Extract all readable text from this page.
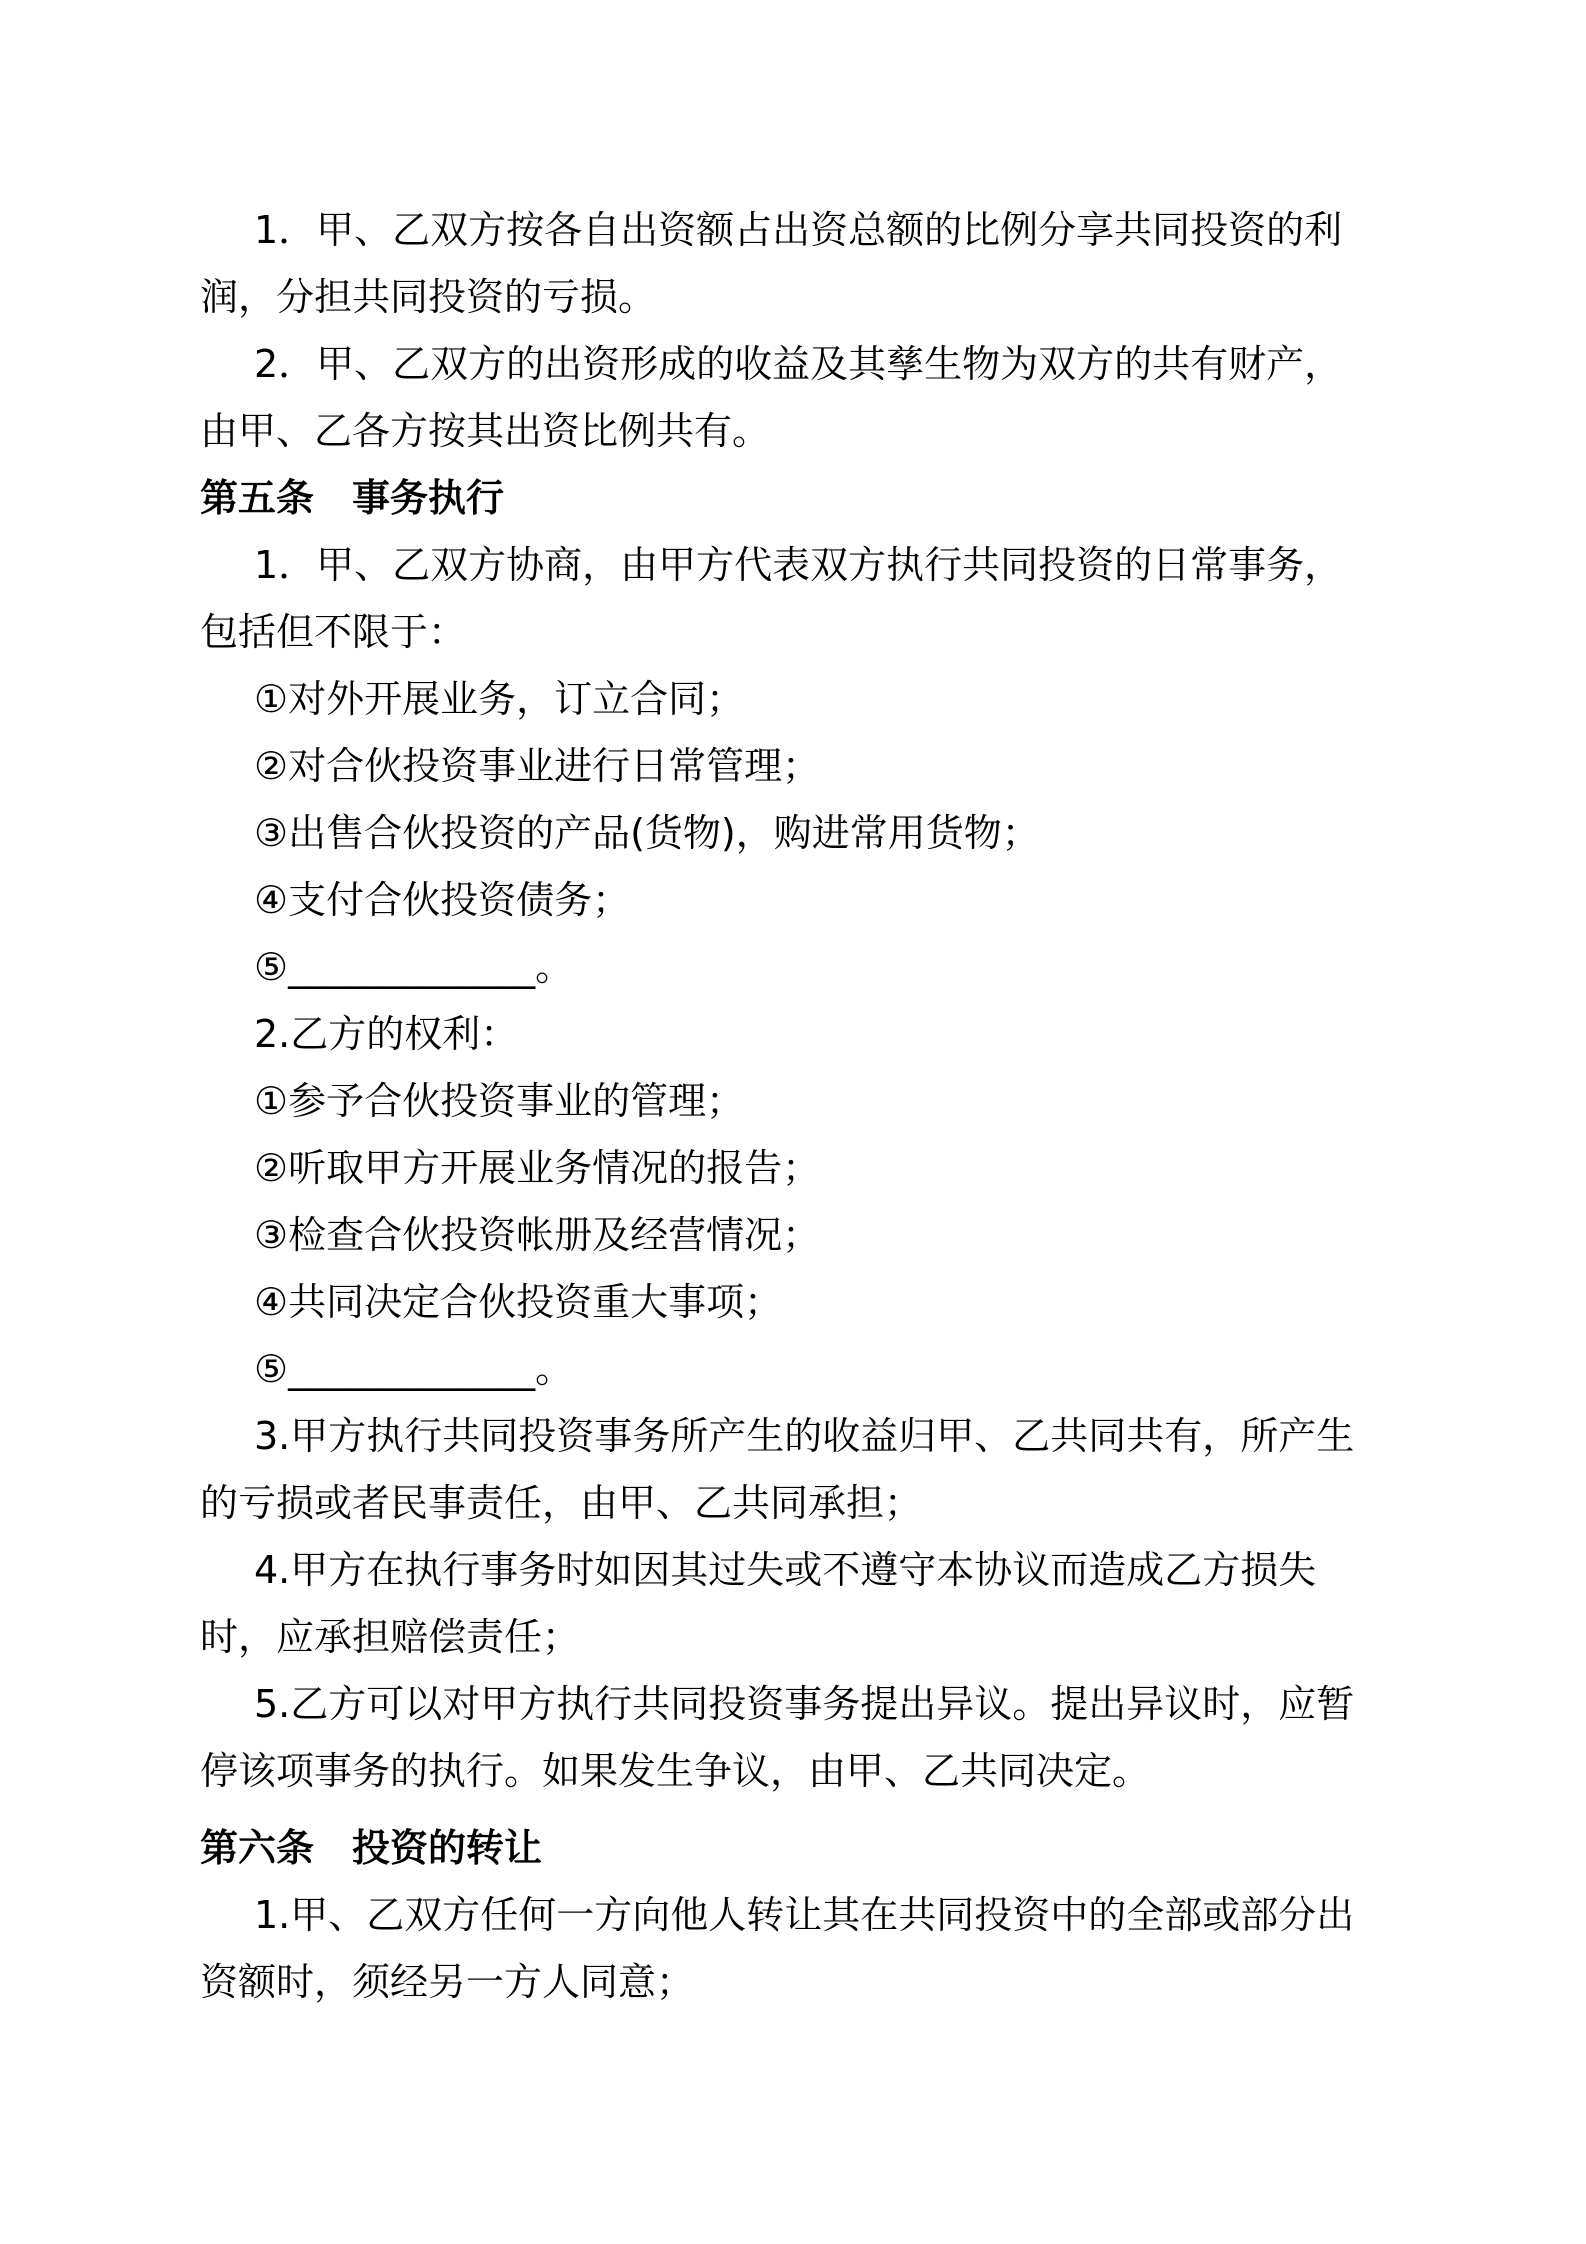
1．甲、乙双方按各自出资额占出资总额的比例分享共同投资的利
润，分担共同投资的亏损。
2．甲、乙双方的出资形成的收益及其孳生物为双方的共有财产，
由甲、乙各方按其出资比例共有。
第五条　事务执行
1．甲、乙双方协商，由甲方代表双方执行共同投资的日常事务，
包括但不限于：
①对外开展业务，订立合同；
②对合伙投资事业进行日常管理；
③出售合伙投资的产品(货物)，购进常用货物；
④支付合伙投资债务；
⑤_____________。
2.乙方的权利：
①参予合伙投资事业的管理；
②听取甲方开展业务情况的报告；
③检查合伙投资帐册及经营情况；
④共同决定合伙投资重大事项；
⑤_____________。
3.甲方执行共同投资事务所产生的收益归甲、乙共同共有，所产生
的亏损或者民事责任，由甲、乙共同承担；
4.甲方在执行事务时如因其过失或不遵守本协议而造成乙方损失
时，应承担赔偿责任；
5.乙方可以对甲方执行共同投资事务提出异议。提出异议时，应暂
停该项事务的执行。如果发生争议，由甲、乙共同决定。
第六条　投资的转让
1.甲、乙双方任何一方向他人转让其在共同投资中的全部或部分出
资额时，须经另一方人同意；
